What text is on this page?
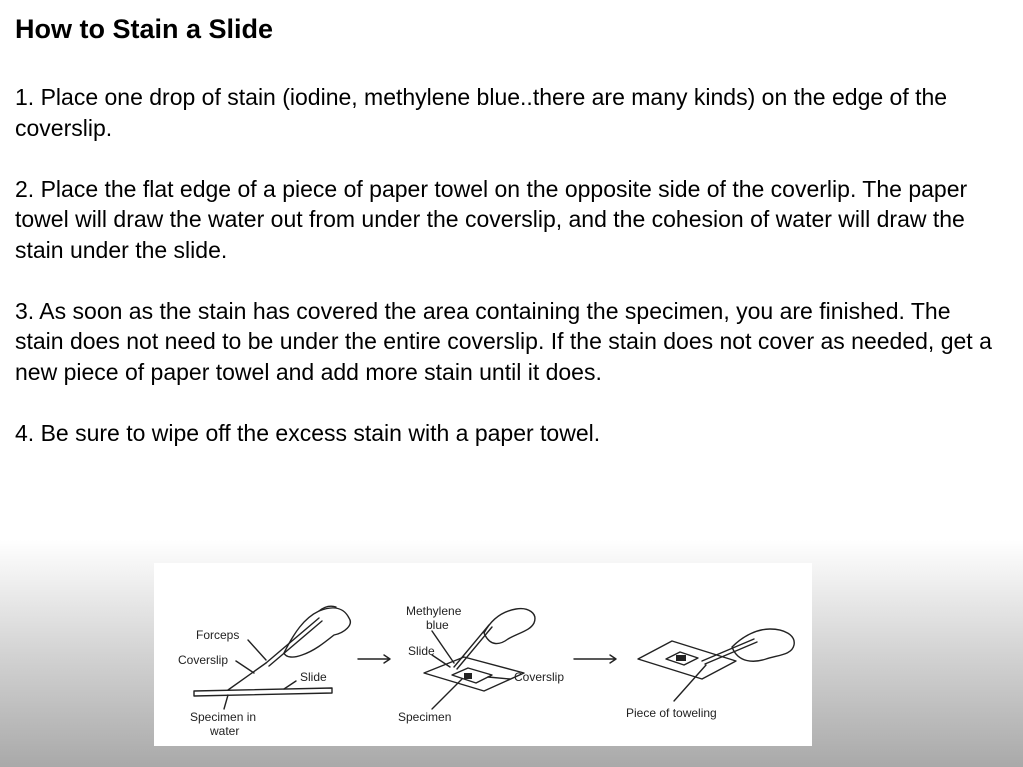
How to Stain a Slide

1. Place one drop of stain (iodine, methylene blue..there are many kinds) on the edge of the coverslip.

2. Place the flat edge of a piece of paper towel on the opposite side of the coverlip. The paper towel will draw the water out from under the coverslip, and the cohesion of water will draw the stain under the slide.

3. As soon as the stain has covered the area containing the specimen, you are finished. The stain does not need to be under the entire coverslip. If the stain does not cover as needed, get a new piece of paper towel and add more stain until it does.

4. Be sure to wipe off the excess stain with a paper towel.

Forceps
Coverslip
Slide
Specimen in
water
Methylene
blue
Slide
Coverslip
Specimen	Piece of toweling
